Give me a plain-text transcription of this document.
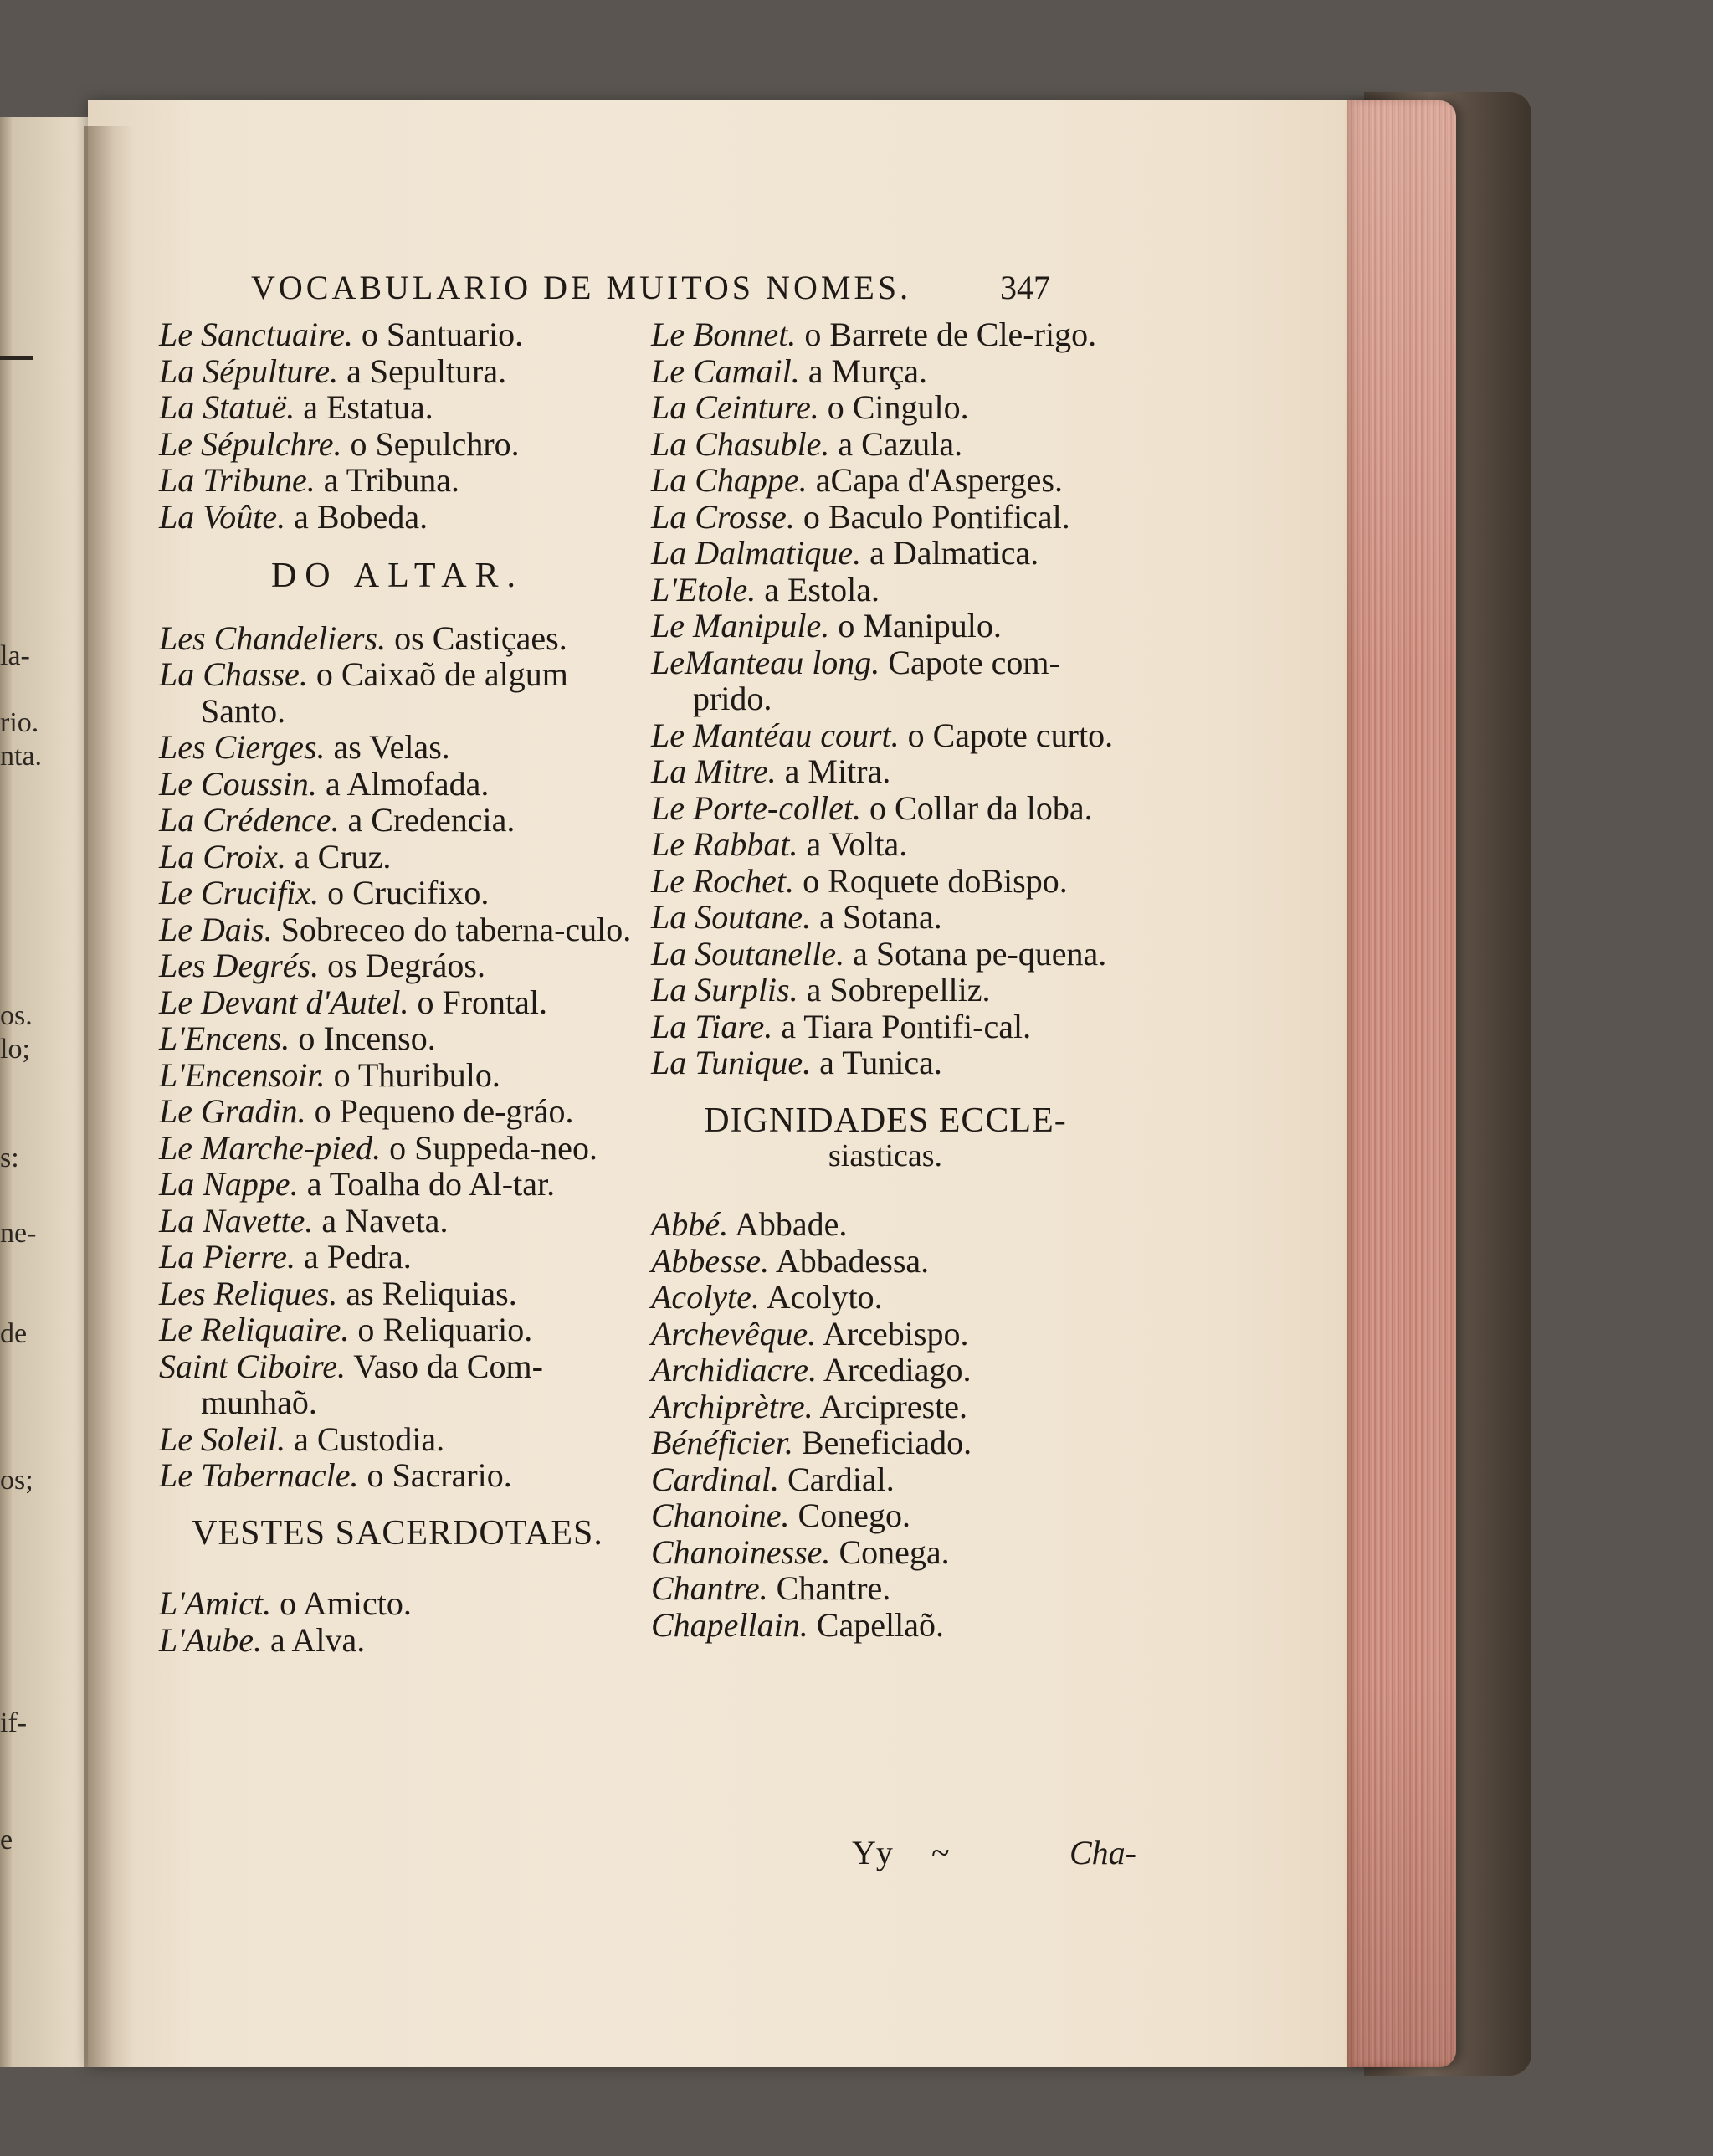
la-
rio.
nta.
os.
lo;
s:
ne-
de
os;
if-
e
VOCABULARIO DE MUITOS NOMES.	347
Le Sanctuaire. o Santuario.
La Sépulture. a Sepultura.
La Statuë. a Estatua.
Le Sépulchre. o Sepulchro.
La Tribune. a Tribuna.
La Voûte. a Bobeda.
DO ALTAR.
Les Chandeliers. os Castiçaes.
La Chasse. o Caixaõ de algum Santo.
Les Cierges. as Velas.
Le Coussin. a Almofada.
La Crédence. a Credencia.
La Croix. a Cruz.
Le Crucifix. o Crucifixo.
Le Dais. Sobreceo do taberna-culo.
Les Degrés. os Degráos.
Le Devant d'Autel. o Frontal.
L'Encens. o Incenso.
L'Encensoir. o Thuribulo.
Le Gradin. o Pequeno de-gráo.
Le Marche-pied. o Suppeda-neo.
La Nappe. a Toalha do Al-tar.
La Navette. a Naveta.
La Pierre. a Pedra.
Les Reliques. as Reliquias.
Le Reliquaire. o Reliquario.
Saint Ciboire. Vaso da Com-munhaõ.
Le Soleil. a Custodia.
Le Tabernacle. o Sacrario.
VESTES SACERDOTAES.
L'Amict. o Amicto.
L'Aube. a Alva.
Le Bonnet. o Barrete de Cle-rigo.
Le Camail. a Murça.
La Ceinture. o Cingulo.
La Chasuble. a Cazula.
La Chappe. aCapa d'Asperges.
La Crosse. o Baculo Pontifical.
La Dalmatique. a Dalmatica.
L'Etole. a Estola.
Le Manipule. o Manipulo.
LeManteau long. Capote com-prido.
Le Mantéau court. o Capote curto.
La Mitre. a Mitra.
Le Porte-collet. o Collar da loba.
Le Rabbat. a Volta.
Le Rochet. o Roquete doBispo.
La Soutane. a Sotana.
La Soutanelle. a Sotana pe-quena.
La Surplis. a Sobrepelliz.
La Tiare. a Tiara Pontifi-cal.
La Tunique. a Tunica.
DIGNIDADES ECCLE-
siasticas.
Abbé. Abbade.
Abbesse. Abbadessa.
Acolyte. Acolyto.
Archevêque. Arcebispo.
Archidiacre. Arcediago.
Archiprètre. Arcipreste.
Bénéficier. Beneficiado.
Cardinal. Cardial.
Chanoine. Conego.
Chanoinesse. Conega.
Chantre. Chantre.
Chapellain. Capellaõ.
Yy ~	Cha-
